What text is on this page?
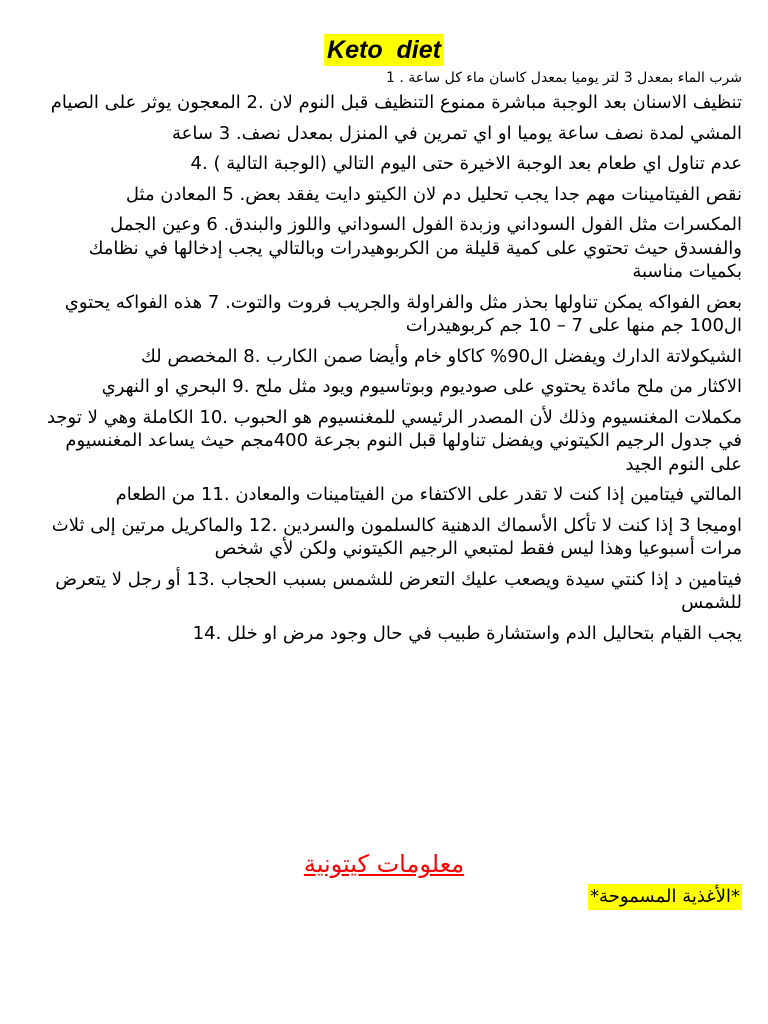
Keto  diet
شرب الماء بمعدل 3 لتر يوميا بمعدل كاسان ماء كل ساعة . 1
تنظيف الاسنان بعد الوجبة مباشرة ممنوع التنظيف قبل النوم لان .2 المعجون يوثر على الصيام
المشي لمدة نصف ساعة يوميا او اي تمرين في المنزل بمعدل نصف. 3 ساعة
عدم تناول اي طعام بعد الوجبة الاخيرة حتى اليوم التالي (الوجبة التالية ) .4
نقص الفيتامينات مهم جدا يجب تحليل دم لان الكيتو دايت يفقد بعض. 5 المعادن مثل
المكسرات مثل الفول السوداني وزبدة الفول السوداني واللوز والبندق. 6 وعين الجمل والفسدق حيث تحتوي على كمية قليلة من الكربوهيدرات وبالتالي يجب إدخالها في نظامك بكميات مناسبة
بعض الفواكه يمكن تناولها بحذر مثل والفراولة والجريب فروت والتوت. 7 هذه الفواكه يحتوي ال100 جم منها على 7 – 10 جم كربوهيدرات
الشيكولاتة الدارك ويفضل ال90% كاكاو خام وأيضا صمن الكارب .8 المخصص لك
الاكثار من ملح مائدة يحتوي على صوديوم وبوتاسيوم ويود مثل ملح .9 البحري او النهري
مكملات المغنسيوم وذلك لأن المصدر الرئيسي للمغنسيوم هو الحبوب .10 الكاملة وهي لا توجد في جدول الرجيم الكيتوني ويفضل تناولها قبل النوم بجرعة 400مجم حيث يساعد المغنسيوم على النوم الجيد
المالتي فيتامين إذا كنت لا تقدر على الاكتفاء من الفيتامينات والمعادن .11 من الطعام
اوميجا 3 إذا كنت لا تأكل الأسماك الدهنية كالسلمون والسردين .12 والماكريل مرتين إلى ثلاث مرات أسبوعيا وهذا ليس فقط لمتبعي الرجيم الكيتوني ولكن لأي شخص
فيتامين د إذا كنتي سيدة ويصعب عليك التعرض للشمس بسبب الحجاب .13 أو رجل لا يتعرض للشمس
يجب القيام بتحاليل الدم واستشارة طبيب في حال وجود مرض او خلل .14
معلومات كيتونية
*الأغذية المسموحة*
